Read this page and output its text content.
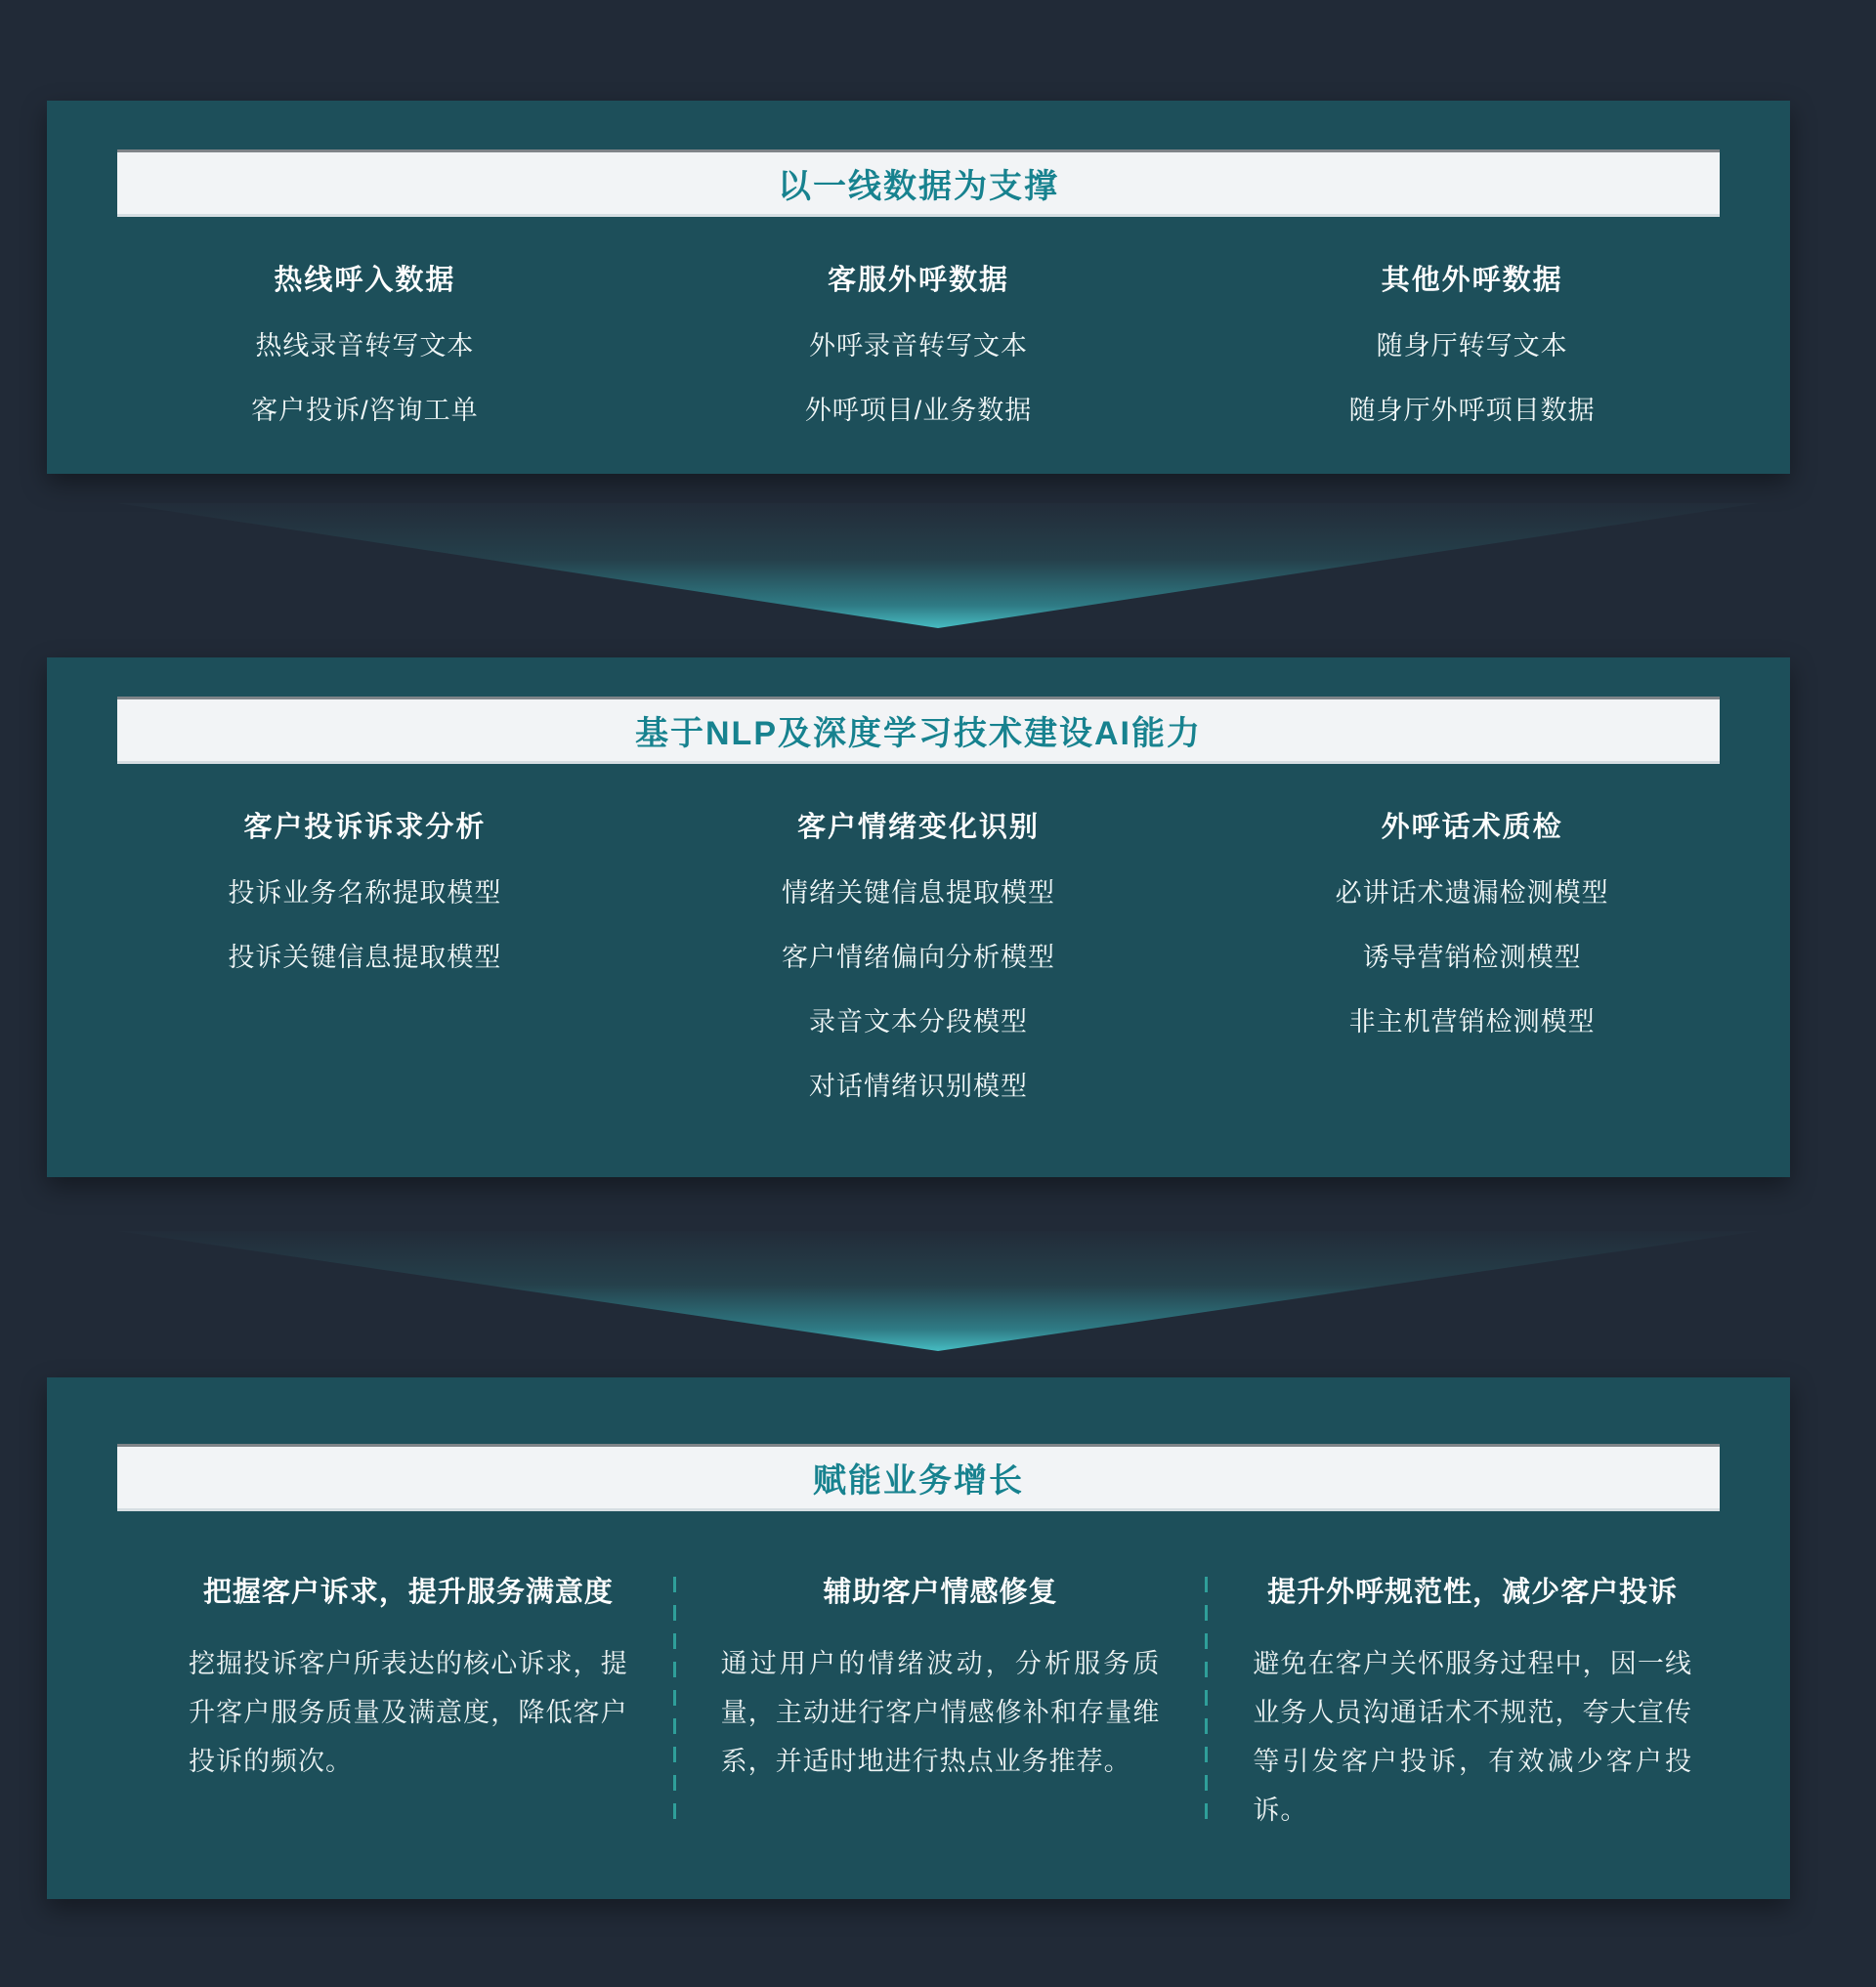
以一线数据为支撑
热线呼入数据
热线录音转写文本
客户投诉/咨询工单
客服外呼数据
外呼录音转写文本
外呼项目/业务数据
其他外呼数据
随身厅转写文本
随身厅外呼项目数据
基于NLP及深度学习技术建设AI能力
客户投诉诉求分析
投诉业务名称提取模型
投诉关键信息提取模型
客户情绪变化识别
情绪关键信息提取模型
客户情绪偏向分析模型
录音文本分段模型
对话情绪识别模型
外呼话术质检
必讲话术遗漏检测模型
诱导营销检测模型
非主机营销检测模型
赋能业务增长
把握客户诉求，提升服务满意度
挖掘投诉客户所表达的核心诉求，提升客户服务质量及满意度，降低客户投诉的频次。
辅助客户情感修复
通过用户的情绪波动，分析服务质量，主动进行客户情感修补和存量维系，并适时地进行热点业务推荐。
提升外呼规范性，减少客户投诉
避免在客户关怀服务过程中，因一线业务人员沟通话术不规范，夸大宣传等引发客户投诉，有效减少客户投诉。
